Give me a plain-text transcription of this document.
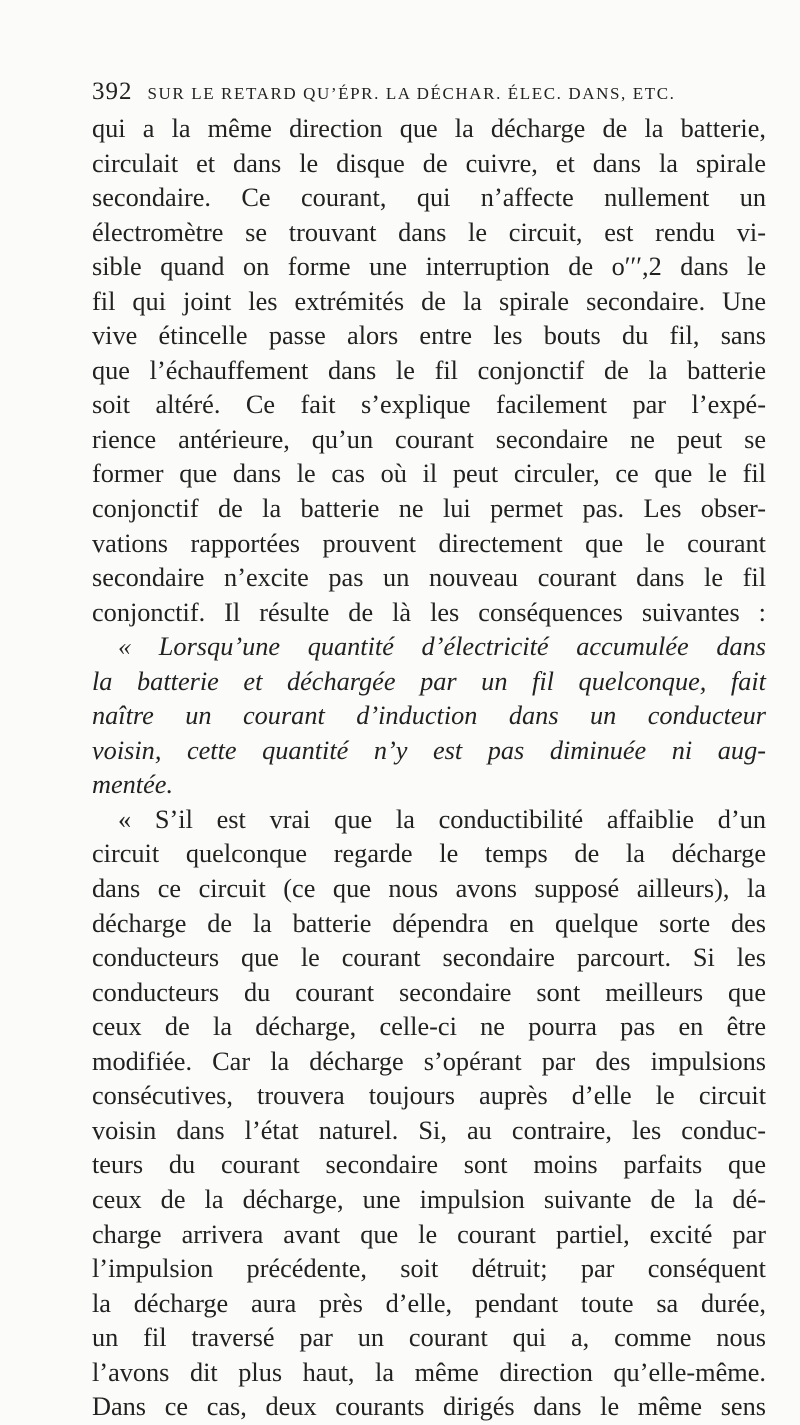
392 SUR LE RETARD QU’ÉPR. LA DÉCHAR. ÉLEC. DANS, ETC.
qui a la même direction que la décharge de la batterie,
circulait et dans le disque de cuivre, et dans la spirale
secondaire. Ce courant, qui n’affecte nullement un
électromètre se trouvant dans le circuit, est rendu vi-
sible quand on forme une interruption de o′′′,2 dans le
fil qui joint les extrémités de la spirale secondaire. Une
vive étincelle passe alors entre les bouts du fil, sans
que l’échauffement dans le fil conjonctif de la batterie
soit altéré. Ce fait s’explique facilement par l’expé-
rience antérieure, qu’un courant secondaire ne peut se
former que dans le cas où il peut circuler, ce que le fil
conjonctif de la batterie ne lui permet pas. Les obser-
vations rapportées prouvent directement que le courant
secondaire n’excite pas un nouveau courant dans le fil
conjonctif. Il résulte de là les conséquences suivantes :
« Lorsqu’une quantité d’électricité accumulée dans
la batterie et déchargée par un fil quelconque, fait
naître un courant d’induction dans un conducteur
voisin, cette quantité n’y est pas diminuée ni aug-
mentée.
« S’il est vrai que la conductibilité affaiblie d’un
circuit quelconque regarde le temps de la décharge
dans ce circuit (ce que nous avons supposé ailleurs), la
décharge de la batterie dépendra en quelque sorte des
conducteurs que le courant secondaire parcourt. Si les
conducteurs du courant secondaire sont meilleurs que
ceux de la décharge, celle-ci ne pourra pas en être
modifiée. Car la décharge s’opérant par des impulsions
consécutives, trouvera toujours auprès d’elle le circuit
voisin dans l’état naturel. Si, au contraire, les conduc-
teurs du courant secondaire sont moins parfaits que
ceux de la décharge, une impulsion suivante de la dé-
charge arrivera avant que le courant partiel, excité par
l’impulsion précédente, soit détruit; par conséquent
la décharge aura près d’elle, pendant toute sa durée,
un fil traversé par un courant qui a, comme nous
l’avons dit plus haut, la même direction qu’elle-même.
Dans ce cas, deux courants dirigés dans le même sens
